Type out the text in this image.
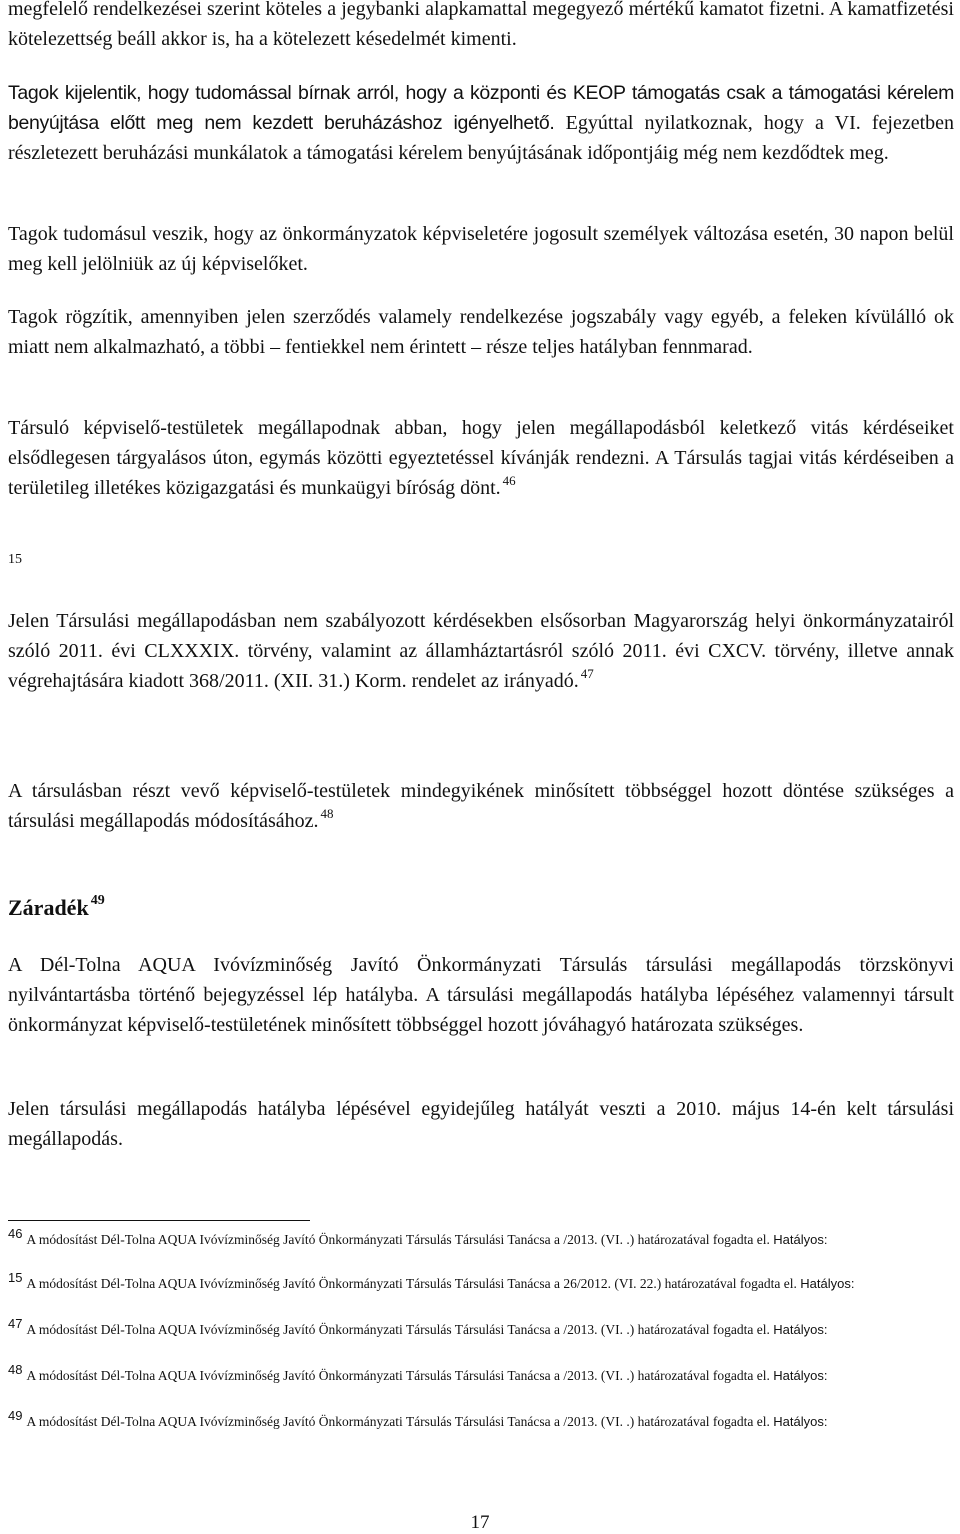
megfelelő rendelkezései szerint köteles a jegybanki alapkamattal megegyező mértékű kamatot fizetni. A kamatfizetési kötelezettség beáll akkor is, ha a kötelezett késedelmét kimenti.

Tagok kijelentik, hogy tudomással bírnak arról, hogy a központi és KEOP támogatás csak a támogatási kérelem benyújtása előtt meg nem kezdett beruházáshoz igényelhető. Egyúttal nyilatkoznak, hogy a VI. fejezetben részletezett beruházási munkálatok a támogatási kérelem benyújtásának időpontjáig még nem kezdődtek meg.

Tagok tudomásul veszik, hogy az önkormányzatok képviseletére jogosult személyek változása esetén, 30 napon belül meg kell jelölniük az új képviselőket.

Tagok rögzítik, amennyiben jelen szerződés valamely rendelkezése jogszabály vagy egyéb, a feleken kívülálló ok miatt nem alkalmazható, a többi – fentiekkel nem érintett – része teljes hatályban fennmarad.

Társuló képviselő-testületek megállapodnak abban, hogy jelen megállapodásból keletkező vitás kérdéseiket elsődlegesen tárgyalásos úton, egymás közötti egyeztetéssel kívánják rendezni. A Társulás tagjai vitás kérdéseiben a területileg illetékes közigazgatási és munkaügyi bíróság dönt. $^{46}$

15

Jelen Társulási megállapodásban nem szabályozott kérdésekben elsősorban Magyarország helyi önkormányzatairól szóló 2011. évi CLXXXIX. törvény, valamint az államháztartásról szóló 2011. évi CXCV. törvény, illetve annak végrehajtására kiadott 368/2011. (XII. 31.) Korm. rendelet az irányadó. $^{47}$

A társulásban részt vevő képviselő-testületek mindegyikének minősített többséggel hozott döntése szükséges a társulási megállapodás módosításához. $^{48}$

Záradék $^{49}$

A Dél-Tolna AQUA Ivóvízminőség Javító Önkormányzati Társulás társulási megállapodás törzskönyvi nyilvántartásba történő bejegyzéssel lép hatályba. A társulási megállapodás hatályba lépéséhez valamennyi társult önkormányzat képviselő-testületének minősített többséggel hozott jóváhagyó határozata szükséges.

Jelen társulási megállapodás hatályba lépésével egyidejűleg hatályát veszti a 2010. május 14-én kelt társulási megállapodás.

46 A módosítást Dél-Tolna AQUA Ivóvízminőség Javító Önkormányzati Társulás Társulási Tanácsa a /2013. (VI. .) határozatával fogadta el. Hatályos:
15 A módosítást Dél-Tolna AQUA Ivóvízminőség Javító Önkormányzati Társulás Társulási Tanácsa a 26/2012. (VI. 22.) határozatával fogadta el. Hatályos:
47 A módosítást Dél-Tolna AQUA Ivóvízminőség Javító Önkormányzati Társulás Társulási Tanácsa a /2013. (VI. .) határozatával fogadta el. Hatályos:
48 A módosítást Dél-Tolna AQUA Ivóvízminőség Javító Önkormányzati Társulás Társulási Tanácsa a /2013. (VI. .) határozatával fogadta el. Hatályos:
49 A módosítást Dél-Tolna AQUA Ivóvízminőség Javító Önkormányzati Társulás Társulási Tanácsa a /2013. (VI. .) határozatával fogadta el. Hatályos:
17
